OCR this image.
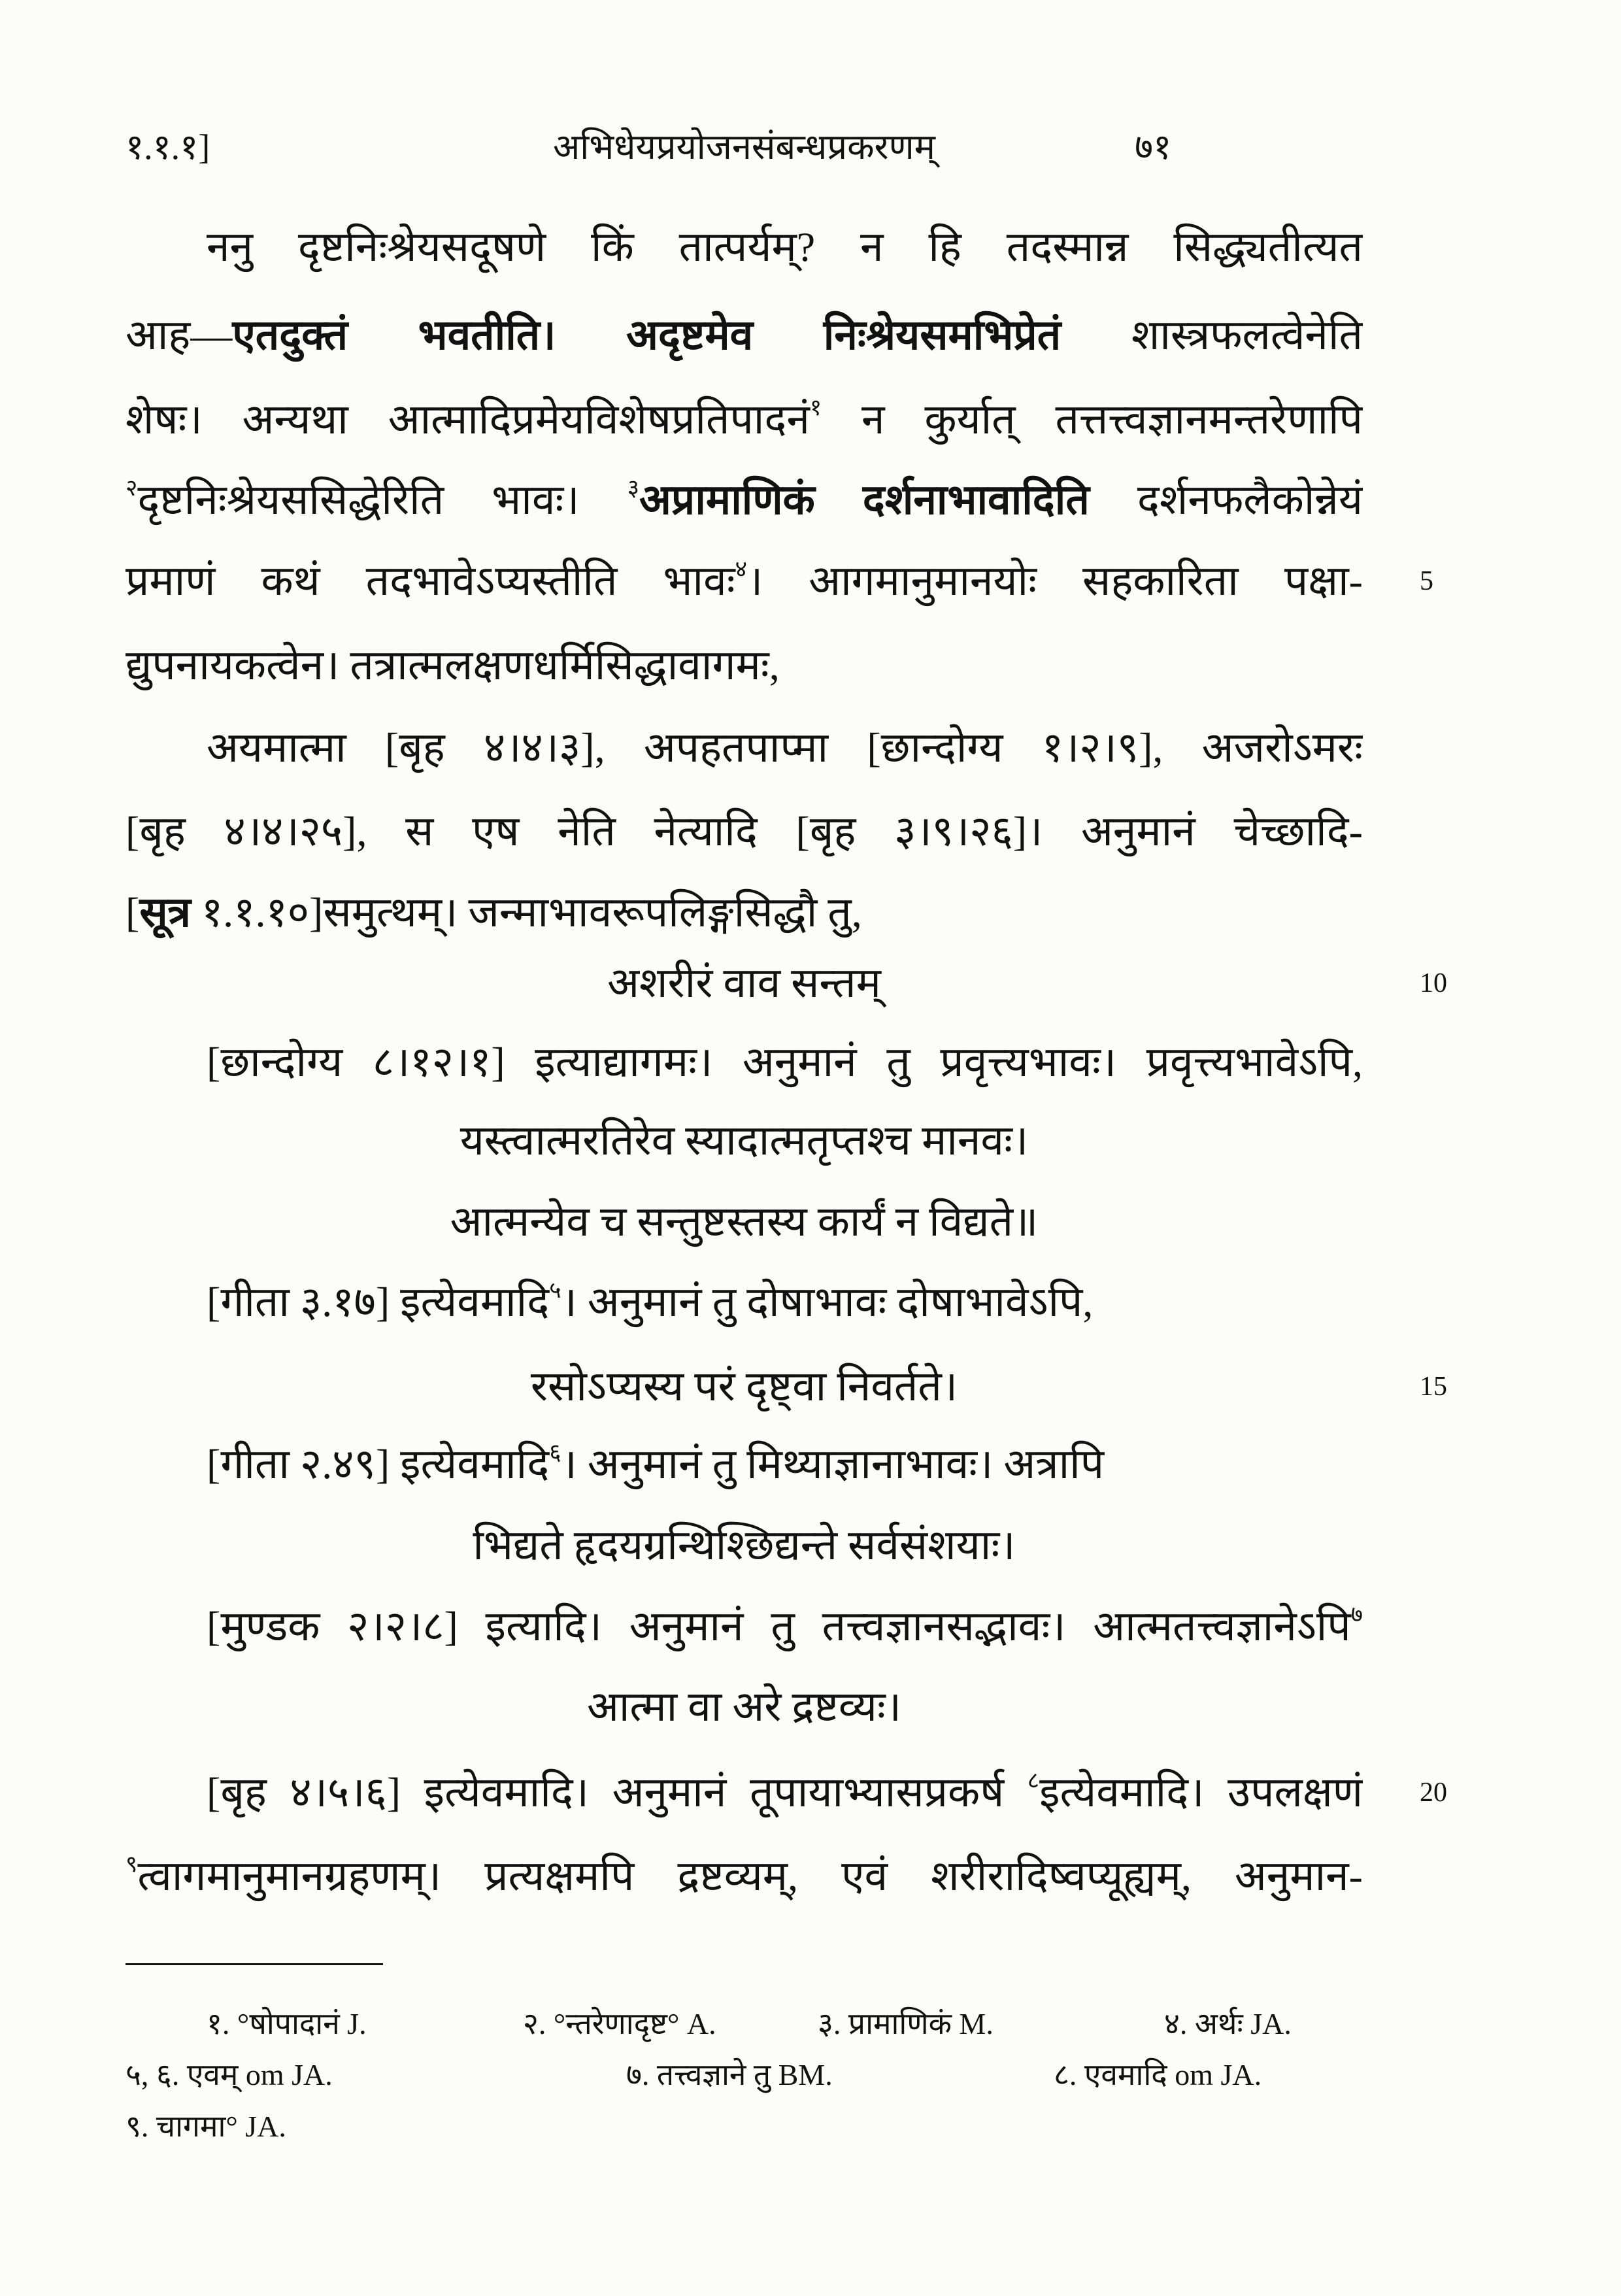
१.१.१]	अभिधेयप्रयोजनसंबन्धप्रकरणम्	७१
ननु दृष्टनिःश्रेयसदूषणे किं तात्पर्यम्? न हि तदस्मान्न सिद्ध्यतीत्यत
आह—एतदुक्तं भवतीति। अदृष्टमेव निःश्रेयसमभिप्रेतं शास्त्रफलत्वेनेति
शेषः। अन्यथा आत्मादिप्रमेयविशेषप्रतिपादनं$^१$ न कुर्यात् तत्तत्त्वज्ञानमन्तरेणापि
$^२$दृष्टनिःश्रेयससिद्धेरिति भावः। $^३$अप्रामाणिकं दर्शनाभावादिति दर्शनफलैकोन्नेयं
प्रमाणं कथं तदभावेऽप्यस्तीति भावः$^४$। आगमानुमानयोः सहकारिता पक्षा-
द्युपनायकत्वेन। तत्रात्मलक्षणधर्मिसिद्धावागमः,
अयमात्मा [बृह ४।४।३], अपहतपाप्मा [छान्दोग्य १।२।९], अजरोऽमरः
[बृह ४।४।२५], स एष नेति नेत्यादि [बृह ३।९।२६]। अनुमानं चेच्छादि-
[सूत्र १.१.१०]समुत्थम्। जन्माभावरूपलिङ्गसिद्धौ तु,
अशरीरं वाव सन्तम्
[छान्दोग्य ८।१२।१] इत्याद्यागमः। अनुमानं तु प्रवृत्त्यभावः। प्रवृत्त्यभावेऽपि,
यस्त्वात्मरतिरेव स्यादात्मतृप्तश्च मानवः।
आत्मन्येव च सन्तुष्टस्तस्य कार्यं न विद्यते॥
[गीता ३.१७] इत्येवमादि$^५$। अनुमानं तु दोषाभावः दोषाभावेऽपि,
रसोऽप्यस्य परं दृष्ट्वा निवर्तते।
[गीता २.४९] इत्येवमादि$^६$। अनुमानं तु मिथ्याज्ञानाभावः। अत्रापि
भिद्यते हृदयग्रन्थिश्छिद्यन्ते सर्वसंशयाः।
[मुण्डक २।२।८] इत्यादि। अनुमानं तु तत्त्वज्ञानसद्भावः। आत्मतत्त्वज्ञानेऽपि$^७$
आत्मा वा अरे द्रष्टव्यः।
[बृह ४।५।६] इत्येवमादि। अनुमानं तूपायाभ्यासप्रकर्ष $^८$इत्येवमादि। उपलक्षणं
$^९$त्वागमानुमानग्रहणम्। प्रत्यक्षमपि द्रष्टव्यम्, एवं शरीरादिष्वप्यूह्यम्, अनुमान-
5
10
15
20
१. °षोपादानं J.	२. °न्तरेणादृष्ट° A.	३. प्रामाणिकं M.	४. अर्थः JA.
५, ६. एवम् om JA.	७. तत्त्वज्ञाने तु BM.	८. एवमादि om JA.
९. चागमा° JA.
